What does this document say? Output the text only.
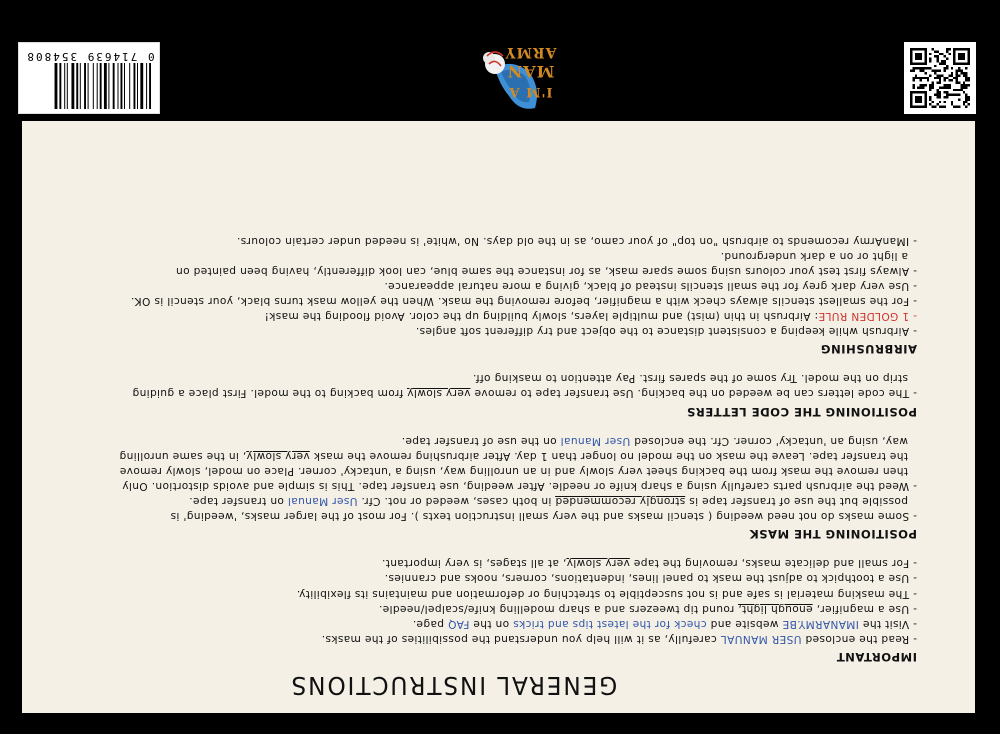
0 714639 354808	ARMY
MAN
I'M A
GENERAL INSTRUCTIONS
IMPORTANT
- Read the enclosed USER MANUAL carefully, as it will help you understand the possibilities of the masks.
- Visit the IMANARMY.BE website and check for the latest tips and tricks on the FAQ page.
- Use a magnifier, enough light, round tip tweezers and a sharp modelling knife/scalpel/needle.
- The masking material is safe and is not susceptible to stretching or deformation and maintains its flexibility.
- Use a toothpick to adjust the mask to panel lines, indentations, corners, nooks and crannies.
- For small and delicate masks, removing the tape very slowly, at all stages, is very important.
POSITIONING THE MASK
- Some masks do not need weeding ( stencil masks and the very small instruction texts ). For most of the larger masks, 'weeding' is
possible but the use of transfer tape is strongly recommended in both cases, weeded or not. Cfr. User Manual on transfer tape.
- Weed the airbrush parts carefully using a sharp knife or needle. After weeding, use transfer tape. This is simple and avoids distortion. Only
then remove the mask from the backing sheet very slowly and in an unrolling way, using a 'untacky' corner. Place on model, slowly remove
the transfer tape. Leave the mask on the model no longer than 1 day. After airbrushing remove the mask very slowly, in the same unrolling
way, using an 'untacky' corner. Cfr. the enclosed User Manual on the use of transfer tape.
POSITIONING THE CODE LETTERS
- The code letters can be weeded on the backing. Use transfer tape to remove very slowly from backing to the model. First place a guiding
strip on the model. Try some of the spares first. Pay attention to masking off.
AIRBRUSHING
- Airbrush while keeping a consistent distance to the object and try different soft angles.
- 1 GOLDEN RULE: Airbrush in thin (mist) and multiple layers, slowly building up the color. Avoid flooding the mask!
- For the smallest stencils always check with a magnifier, before removing the mask. When the yellow mask turns black, your stencil is OK.
- Use very dark grey for the small stencils instead of black, giving a more natural appearance.
- Always first test your colours using some spare mask, as for instance the same blue, can look differently, having been painted on
a light or on a dark underground.
- IManArmy recomends to airbrush "on top" of your camo, as in the old days. No 'white' is needed under certain colours.
